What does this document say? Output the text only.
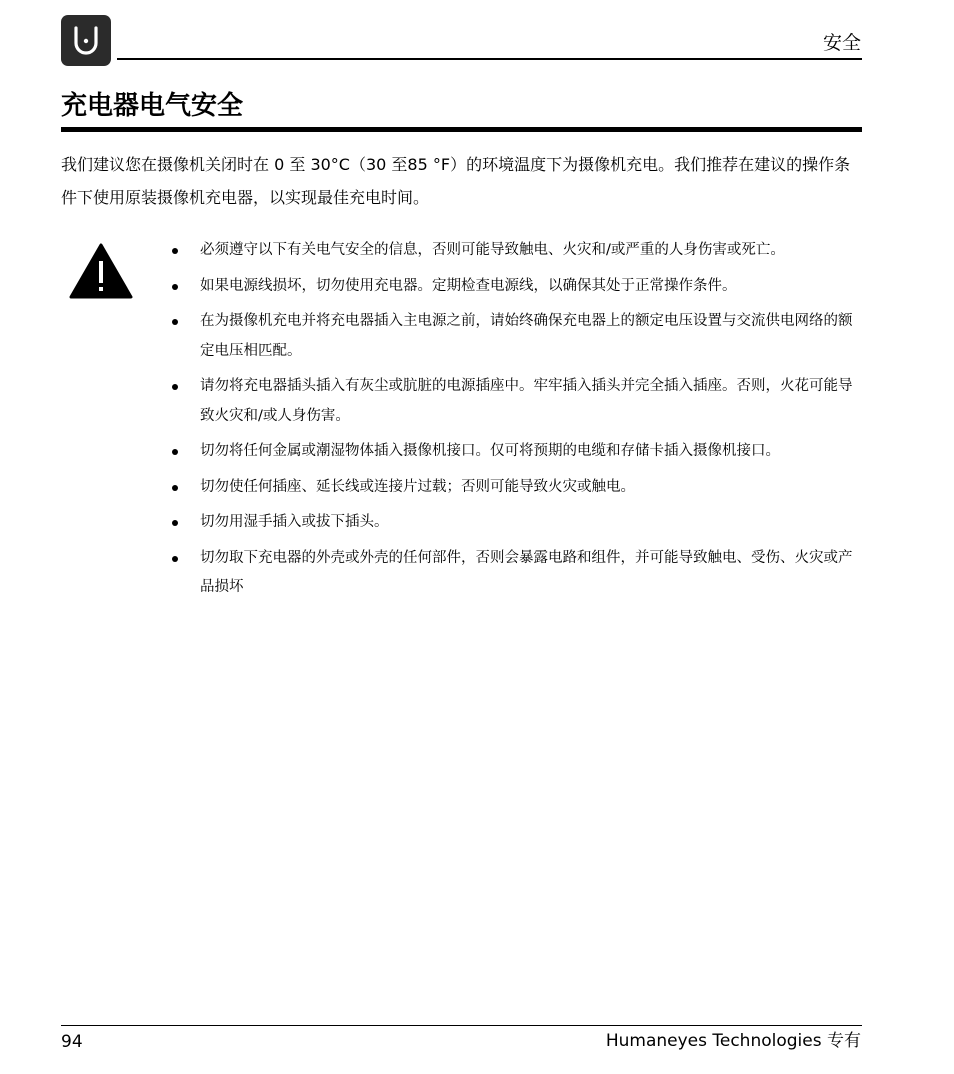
安全
充电器电气安全

我们建议您在摄像机关闭时在 0 至 30°C（30 至85 °F）的环境温度下为摄像机充电。我们推荐在建议的操作条件下使用原装摄像机充电器，以实现最佳充电时间。

必须遵守以下有关电气安全的信息，否则可能导致触电、火灾和/或严重的人身伤害或死亡。
如果电源线损坏，切勿使用充电器。定期检查电源线，以确保其处于正常操作条件。
在为摄像机充电并将充电器插入主电源之前，请始终确保充电器上的额定电压设置与交流供电网络的额定电压相匹配。
请勿将充电器插头插入有灰尘或肮脏的电源插座中。牢牢插入插头并完全插入插座。否则，火花可能导致火灾和/或人身伤害。
切勿将任何金属或潮湿物体插入摄像机接口。仅可将预期的电缆和存储卡插入摄像机接口。
切勿使任何插座、延长线或连接片过载；否则可能导致火灾或触电。
切勿用湿手插入或拔下插头。
切勿取下充电器的外壳或外壳的任何部件，否则会暴露电路和组件，并可能导致触电、受伤、火灾或产品损坏
94	Humaneyes Technologies 专有
